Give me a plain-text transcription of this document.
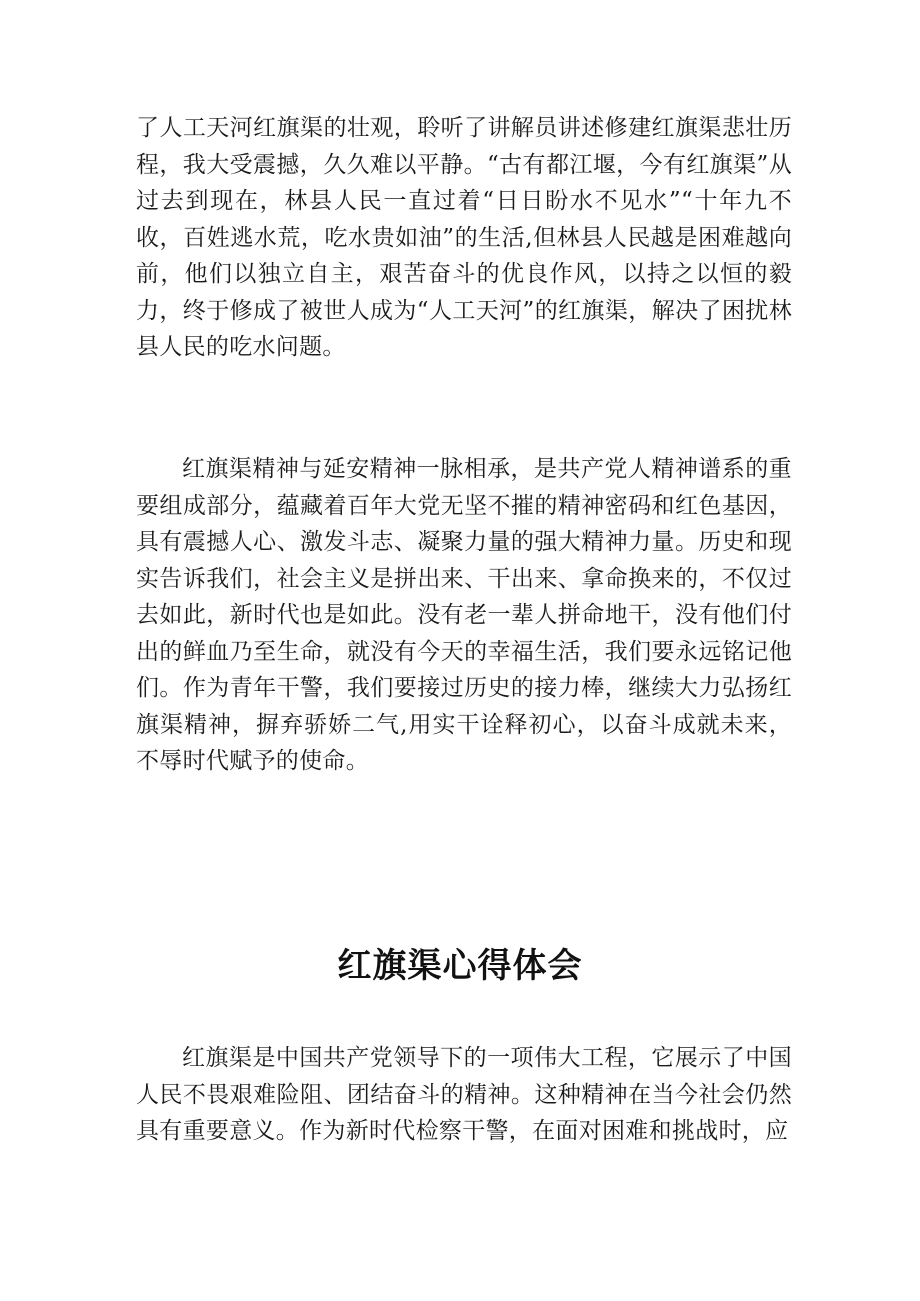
了人工天河红旗渠的壮观，聆听了讲解员讲述修建红旗渠悲壮历程，我大受震撼，久久难以平静。“古有都江堰，今有红旗渠”从过去到现在，林县人民一直过着“日日盼水不见水”“十年九不收，百姓逃水荒，吃水贵如油”的生活,但林县人民越是困难越向前，他们以独立自主，艰苦奋斗的优良作风，以持之以恒的毅力，终于修成了被世人成为“人工天河”的红旗渠，解决了困扰林县人民的吃水问题。

红旗渠精神与延安精神一脉相承，是共产党人精神谱系的重要组成部分，蕴藏着百年大党无坚不摧的精神密码和红色基因，具有震撼人心、激发斗志、凝聚力量的强大精神力量。历史和现实告诉我们，社会主义是拼出来、干出来、拿命换来的，不仅过去如此，新时代也是如此。没有老一辈人拼命地干，没有他们付出的鲜血乃至生命，就没有今天的幸福生活，我们要永远铭记他们。作为青年干警，我们要接过历史的接力棒，继续大力弘扬红旗渠精神，摒弃骄娇二气,用实干诠释初心，以奋斗成就未来，不辱时代赋予的使命。

红旗渠心得体会

红旗渠是中国共产党领导下的一项伟大工程，它展示了中国人民不畏艰难险阻、团结奋斗的精神。这种精神在当今社会仍然具有重要意义。作为新时代检察干警，在面对困难和挑战时，应
